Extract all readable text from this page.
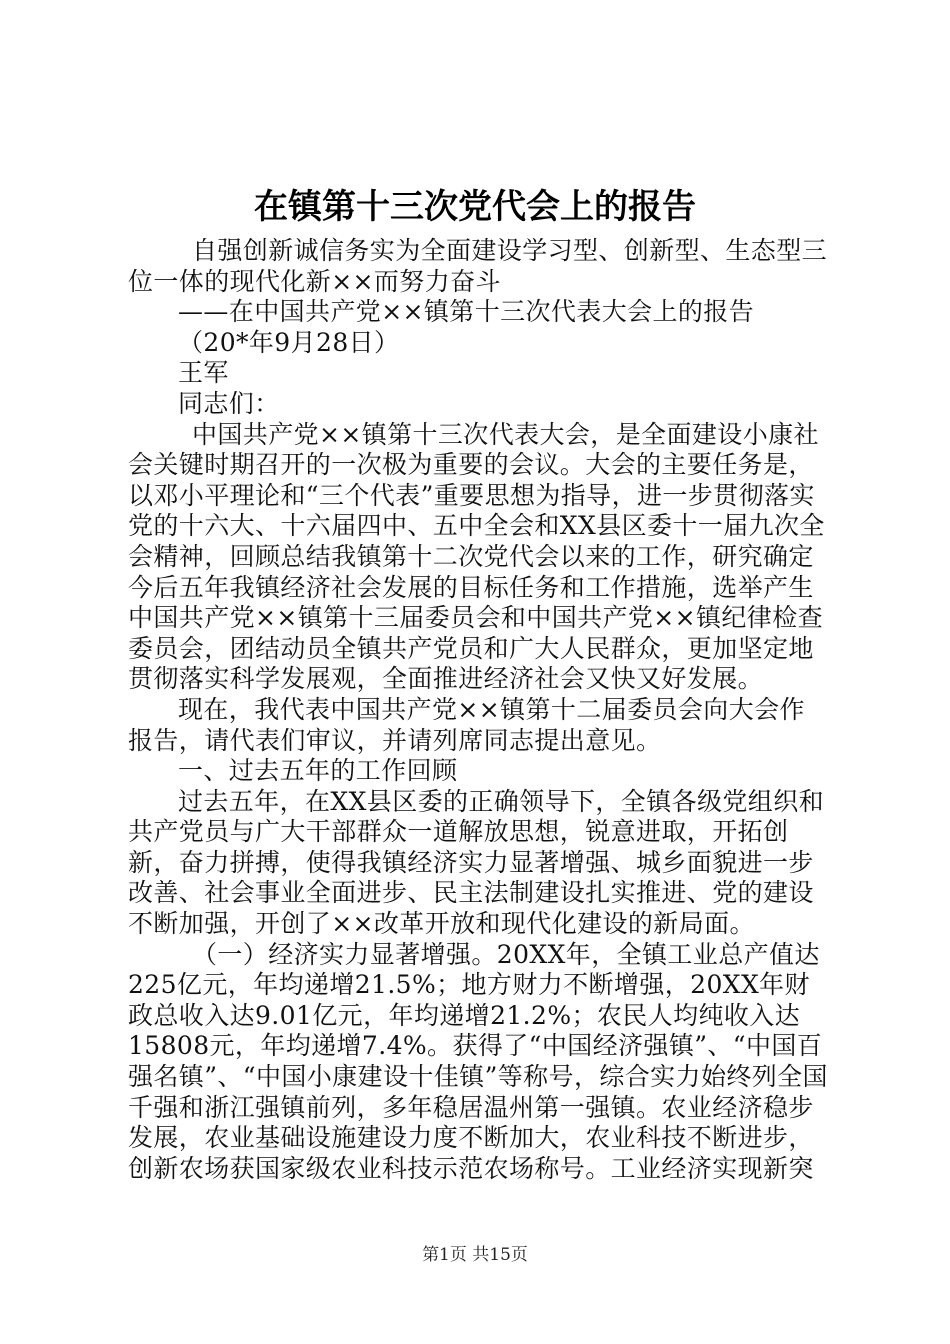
在镇第十三次党代会上的报告

自强创新诚信务实为全面建设学习型、创新型、生态型三位一体的现代化新××而努力奋斗

——在中国共产党××镇第十三次代表大会上的报告

（20*年9月28日）

王军

同志们：

中国共产党××镇第十三次代表大会，是全面建设小康社会关键时期召开的一次极为重要的会议。大会的主要任务是，以邓小平理论和“三个代表”重要思想为指导，进一步贯彻落实党的十六大、十六届四中、五中全会和XX县区委十一届九次全会精神，回顾总结我镇第十二次党代会以来的工作，研究确定今后五年我镇经济社会发展的目标任务和工作措施，选举产生中国共产党××镇第十三届委员会和中国共产党××镇纪律检查委员会，团结动员全镇共产党员和广大人民群众，更加坚定地贯彻落实科学发展观，全面推进经济社会又快又好发展。

现在，我代表中国共产党××镇第十二届委员会向大会作报告，请代表们审议，并请列席同志提出意见。

一、过去五年的工作回顾

过去五年，在XX县区委的正确领导下，全镇各级党组织和共产党员与广大干部群众一道解放思想，锐意进取，开拓创新，奋力拼搏，使得我镇经济实力显著增强、城乡面貌进一步改善、社会事业全面进步、民主法制建设扎实推进、党的建设不断加强，开创了××改革开放和现代化建设的新局面。

（一）经济实力显著增强。20XX年，全镇工业总产值达225亿元，年均递增21.5%；地方财力不断增强，20XX年财政总收入达9.01亿元，年均递增21.2%；农民人均纯收入达15808元，年均递增7.4%。获得了“中国经济强镇”、“中国百强名镇”、“中国小康建设十佳镇”等称号，综合实力始终列全国千强和浙江强镇前列，多年稳居温州第一强镇。农业经济稳步发展，农业基础设施建设力度不断加大，农业科技不断进步，创新农场获国家级农业科技示范农场称号。工业经济实现新突

第1页 共15页
